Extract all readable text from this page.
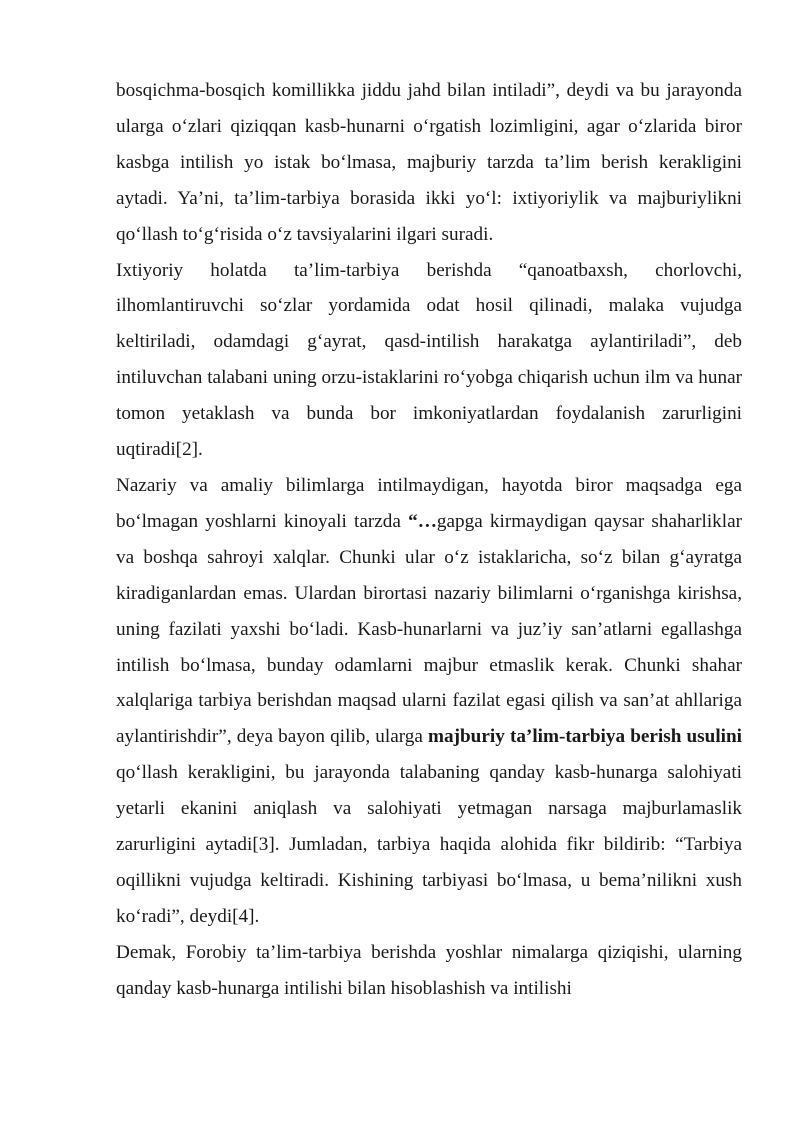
bosqichma-bosqich komillikka jiddu jahd bilan intiladi”, deydi va bu jarayonda ularga o‘zlari qiziqqan kasb-hunarni o‘rgatish lozimligini, agar o‘zlarida biror kasbga intilish yo istak bo‘lmasa, majburiy tarzda ta’lim berish kerakligini aytadi. Ya’ni, ta’lim-tarbiya borasida ikki yo‘l: ixtiyoriylik va majburiylikni qo‘llash to‘g‘risida o‘z tavsiyalarini ilgari suradi.

Ixtiyoriy holatda ta’lim-tarbiya berishda “qanoatbaxsh, chorlovchi, ilhomlantiruvchi so‘zlar yordamida odat hosil qilinadi, malaka vujudga keltiriladi, odamdagi g‘ayrat, qasd-intilish harakatga aylantiriladi”, deb intiluvchan talabani uning orzu-istaklarini ro‘yobga chiqarish uchun ilm va hunar tomon yetaklash va bunda bor imkoniyatlardan foydalanish zarurligini uqtiradi[2].

Nazariy va amaliy bilimlarga intilmaydigan, hayotda biror maqsadga ega bo‘lmagan yoshlarni kinoyali tarzda “…gapga kirmaydigan qaysar shaharliklar va boshqa sahroyi xalqlar. Chunki ular o‘z istaklaricha, so‘z bilan g‘ayratga kiradiganlardan emas. Ulardan birortasi nazariy bilimlarni o‘rganishga kirishsa, uning fazilati yaxshi bo‘ladi. Kasb-hunarlarni va juz’iy san’atlarni egallashga intilish bo‘lmasa, bunday odamlarni majbur etmaslik kerak. Chunki shahar xalqlariga tarbiya berishdan maqsad ularni fazilat egasi qilish va san’at ahllariga aylantirishdir”, deya bayon qilib, ularga majburiy ta’lim-tarbiya berish usulini qo‘llash kerakligini, bu jarayonda talabaning qanday kasb-hunarga salohiyati yetarli ekanini aniqlash va salohiyati yetmagan narsaga majburlamaslik zarurligini aytadi[3]. Jumladan, tarbiya haqida alohida fikr bildirib: “Tarbiya oqillikni vujudga keltiradi. Kishining tarbiyasi bo‘lmasa, u bema’nilikni xush ko‘radi”, deydi[4].

Demak, Forobiy ta’lim-tarbiya berishda yoshlar nimalarga qiziqishi, ularning qanday kasb-hunarga intilishi bilan hisoblashish va intilishi
